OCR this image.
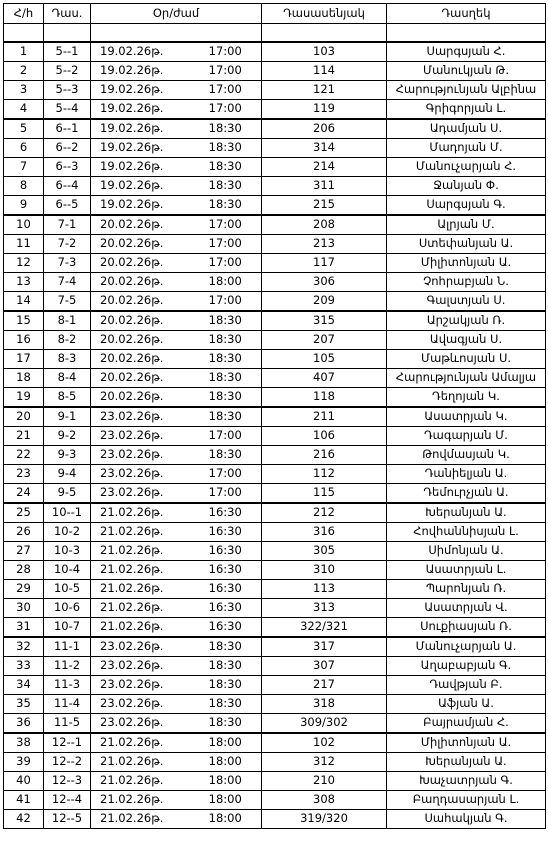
Հ/հ	Դաս.	Օր/ժամ		Դասասենյակ	Դասղեկ

1	5--1	19.02.26թ.	17:00	103	Սարգսյան Հ.
2	5--2	19.02.26թ.	17:00	114	Մանուկյան Թ.
3	5--3	19.02.26թ.	17:00	121	Հարությունյան Ալբինա
4	5--4	19.02.26թ.	17:00	119	Գրիգորյան Լ.
5	6--1	19.02.26թ.	18:30	206	Ադամյան Ս.
6	6--2	19.02.26թ.	18:30	314	Մադոյան Մ.
7	6--3	19.02.26թ.	18:30	214	Մանուչարյան Հ.
8	6--4	19.02.26թ.	18:30	311	Ջանյան Փ.
9	6--5	19.02.26թ.	18:30	215	Սարգսյան Գ.
10	7-1	20.02.26թ.	17:00	208	Ալրյան Մ.
11	7-2	20.02.26թ.	17:00	213	Ստեփանյան Ա.
12	7-3	20.02.26թ.	17:00	117	Միլիտոնյան Ա.
13	7-4	20.02.26թ.	18:00	306	Չոհրաբյան Ն.
14	7-5	20.02.26թ.	17:00	209	Գալստյան Ս.
15	8-1	20.02.26թ.	18:30	315	Արշակյան Ռ.
16	8-2	20.02.26թ.	18:30	207	Ավագյան Ս.
17	8-3	20.02.26թ.	18:30	105	Մաթևոսյան Ս.
18	8-4	20.02.26թ.	18:30	407	Հարությունյան Ամալյա
19	8-5	20.02.26թ.	18:30	118	Դեղոյան Կ.
20	9-1	23.02.26թ.	18:30	211	Ասատրյան Կ.
21	9-2	23.02.26թ.	17:00	106	Դագարյան Մ.
22	9-3	23.02.26թ.	18:30	216	Թովմասյան Կ.
23	9-4	23.02.26թ.	17:00	112	Դանիելյան Ա.
24	9-5	23.02.26թ.	17:00	115	Դեմուրչյան Ա.
25	10--1	21.02.26թ.	16:30	212	Խերանյան Ա.
26	10-2	21.02.26թ.	16:30	316	Հովհաննիսյան Լ.
27	10-3	21.02.26թ.	16:30	305	Սիմոնյան Ա.
28	10-4	21.02.26թ.	16:30	310	Ասատրյան Լ.
29	10-5	21.02.26թ.	16:30	113	Պարոնյան Ռ.
30	10-6	21.02.26թ.	16:30	313	Ասատրյան Վ.
31	10-7	21.02.26թ.	16:30	322/321	Սուքիասյան Ռ.
32	11-1	23.02.26թ.	18:30	317	Մանուչարյան Ա.
33	11-2	23.02.26թ.	18:30	307	Աղաբաբյան Գ.
34	11-3	23.02.26թ.	18:30	217	Դավթյան Բ.
35	11-4	23.02.26թ.	18:30	318	Աֆյան Ա.
36	11-5	23.02.26թ.	18:30	309/302	Բայրամյան Հ.
38	12--1	21.02.26թ.	18:00	102	Միլիտոնյան Ա.
39	12--2	21.02.26թ.	18:00	312	Խերանյան Ա.
40	12--3	21.02.26թ.	18:00	210	Խաչատրյան Գ.
41	12--4	21.02.26թ.	18:00	308	Բաղդասարյան Լ.
42	12--5	21.02.26թ.	18:00	319/320	Սահակյան Գ.
